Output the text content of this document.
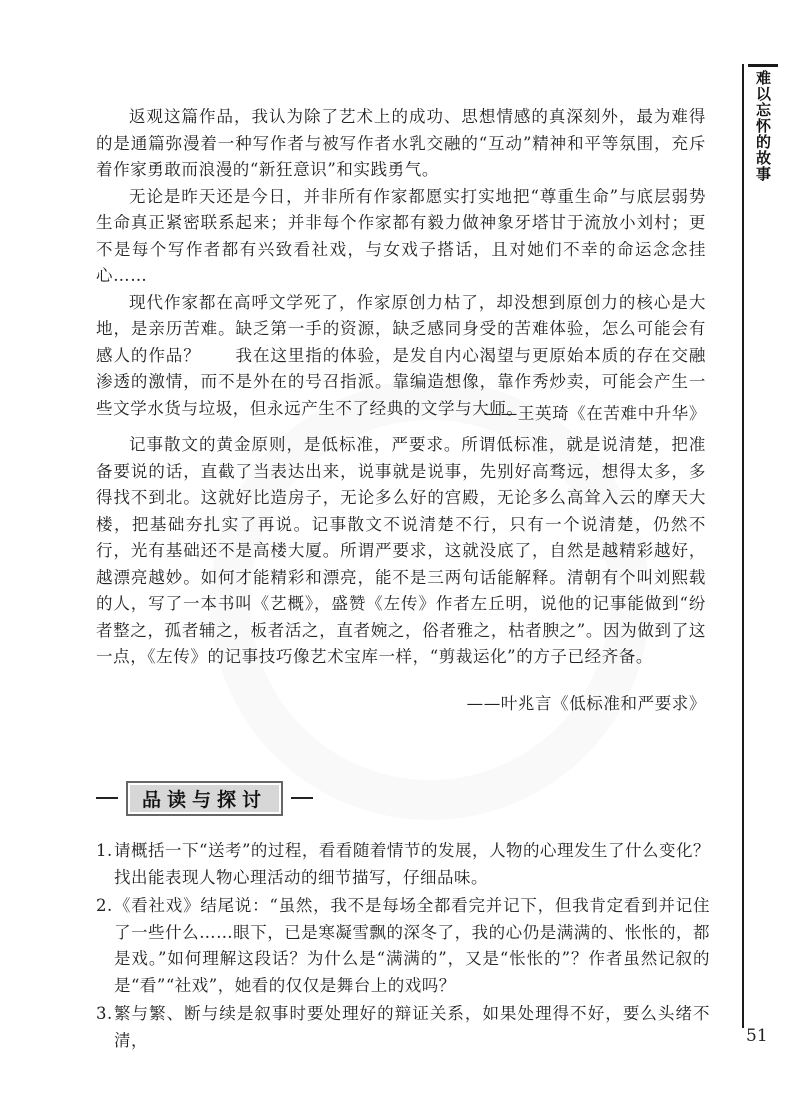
难以忘怀的故事
51

返观这篇作品，我认为除了艺术上的成功、思想情感的真深刻外，最为难得的是通篇弥漫着一种写作者与被写作者水乳交融的“互动”精神和平等氛围，充斥着作家勇敢而浪漫的“新狂意识”和实践勇气。

无论是昨天还是今日，并非所有作家都愿实打实地把“尊重生命”与底层弱势生命真正紧密联系起来；并非每个作家都有毅力做神象牙塔甘于流放小刘村；更不是每个写作者都有兴致看社戏，与女戏子搭话，且对她们不幸的命运念念挂心……

现代作家都在高呼文学死了，作家原创力枯了，却没想到原创力的核心是大地，是亲历苦难。缺乏第一手的资源，缺乏感同身受的苦难体验，怎么可能会有感人的作品？　　我在这里指的体验，是发自内心渴望与更原始本质的存在交融渗透的激情，而不是外在的号召指派。靠编造想像，靠作秀炒卖，可能会产生一些文学水货与垃圾，但永远产生不了经典的文学与大师。

——王英琦《在苦难中升华》

记事散文的黄金原则，是低标准，严要求。所谓低标准，就是说清楚，把准备要说的话，直截了当表达出来，说事就是说事，先别好高骛远，想得太多，多得找不到北。这就好比造房子，无论多么好的宫殿，无论多么高耸入云的摩天大楼，把基础夯扎实了再说。记事散文不说清楚不行，只有一个说清楚，仍然不行，光有基础还不是高楼大厦。所谓严要求，这就没底了，自然是越精彩越好，越漂亮越妙。如何才能精彩和漂亮，能不是三两句话能解释。清朝有个叫刘熙载的人，写了一本书叫《艺概》，盛赞《左传》作者左丘明，说他的记事能做到“纷者整之，孤者辅之，板者活之，直者婉之，俗者雅之，枯者腴之”。因为做到了这一点，《左传》的记事技巧像艺术宝库一样，“剪裁运化”的方子已经齐备。

——叶兆言《低标准和严要求》
品读与探讨
1. 请概括一下“送考”的过程，看看随着情节的发展，人物的心理发生了什么变化？找出能表现人物心理活动的细节描写，仔细品味。
2. 《看社戏》结尾说：“虽然，我不是每场全都看完并记下，但我肯定看到并记住了一些什么……眼下，已是寒凝雪飘的深冬了，我的心仍是满满的、怅怅的，都是戏。”如何理解这段话？为什么是“满满的”，又是“怅怅的”？作者虽然记叙的是“看”“社戏”，她看的仅仅是舞台上的戏吗？
3. 繁与繁、断与续是叙事时要处理好的辩证关系，如果处理得不好，要么头绪不清，
